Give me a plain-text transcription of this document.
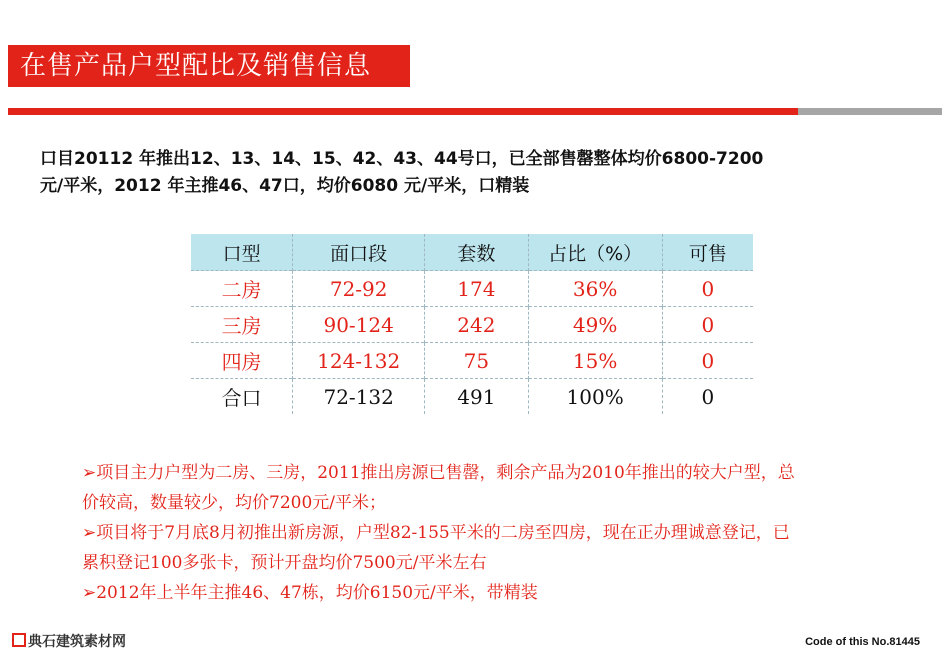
在售产品户型配比及销售信息
口目20112 年推出12、13、14、15、42、43、44号口，已全部售罄整体均价6800-7200
元/平米，2012 年主推46、47口，均价6080 元/平米，口精装
口型	面口段	套数	占比（%）	可售
二房	72-92	174	36%	0
三房	90-124	242	49%	0
四房	124-132	75	15%	0
合口	72-132	491	100%	0

➢项目主力户型为二房、三房，2011推出房源已售罄，剩余产品为2010年推出的较大户型，总

价较高，数量较少，均价7200元/平米；

➢项目将于7月底8月初推出新房源，户型82-155平米的二房至四房，现在正办理诚意登记，已

累积登记100多张卡，预计开盘均价7500元/平米左右

➢2012年上半年主推46、47栋，均价6150元/平米，带精装

典石建筑素材网	Code of this No.81445
